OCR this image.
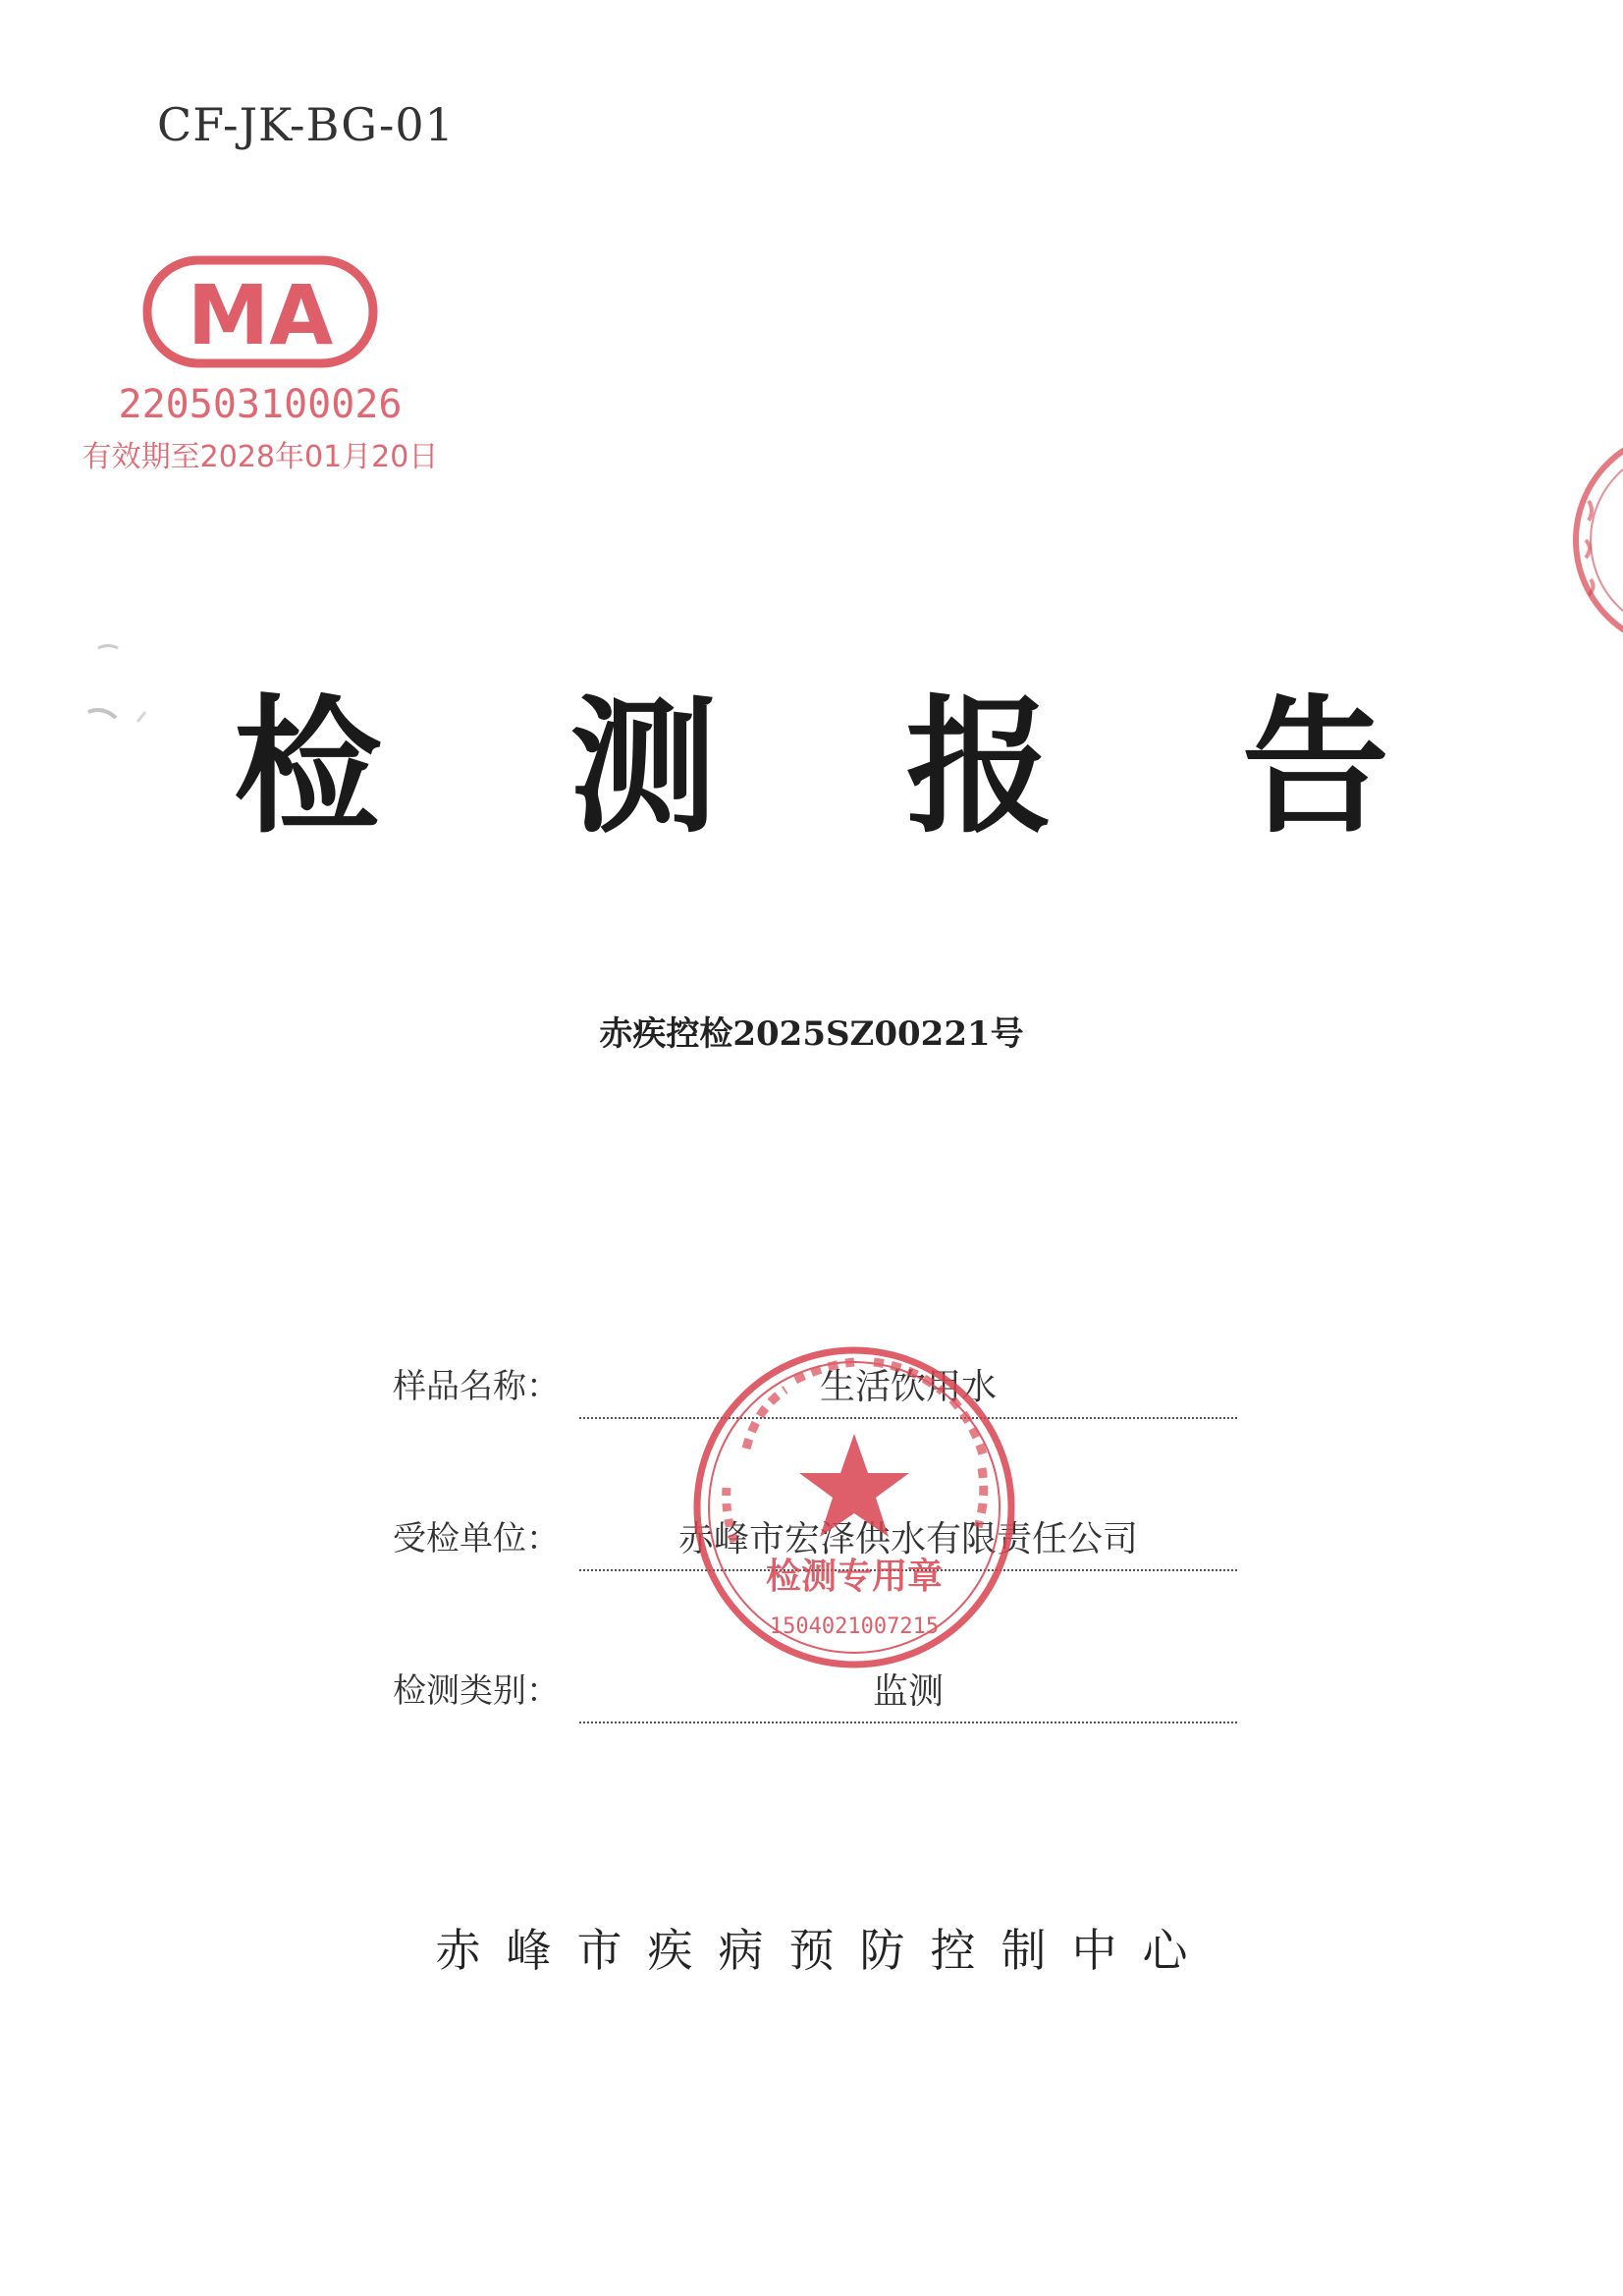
CF-JK-BG-01
MA
220503100026
有效期至2028年01月20日
检 测 报 告
赤疾控检2025SZ00221号
样品名称：	生活饮用水
受检单位：	赤峰市宏泽供水有限责任公司
检测类别：	监测
检测专用章
1504021007215
赤峰市疾病预防控制中心
